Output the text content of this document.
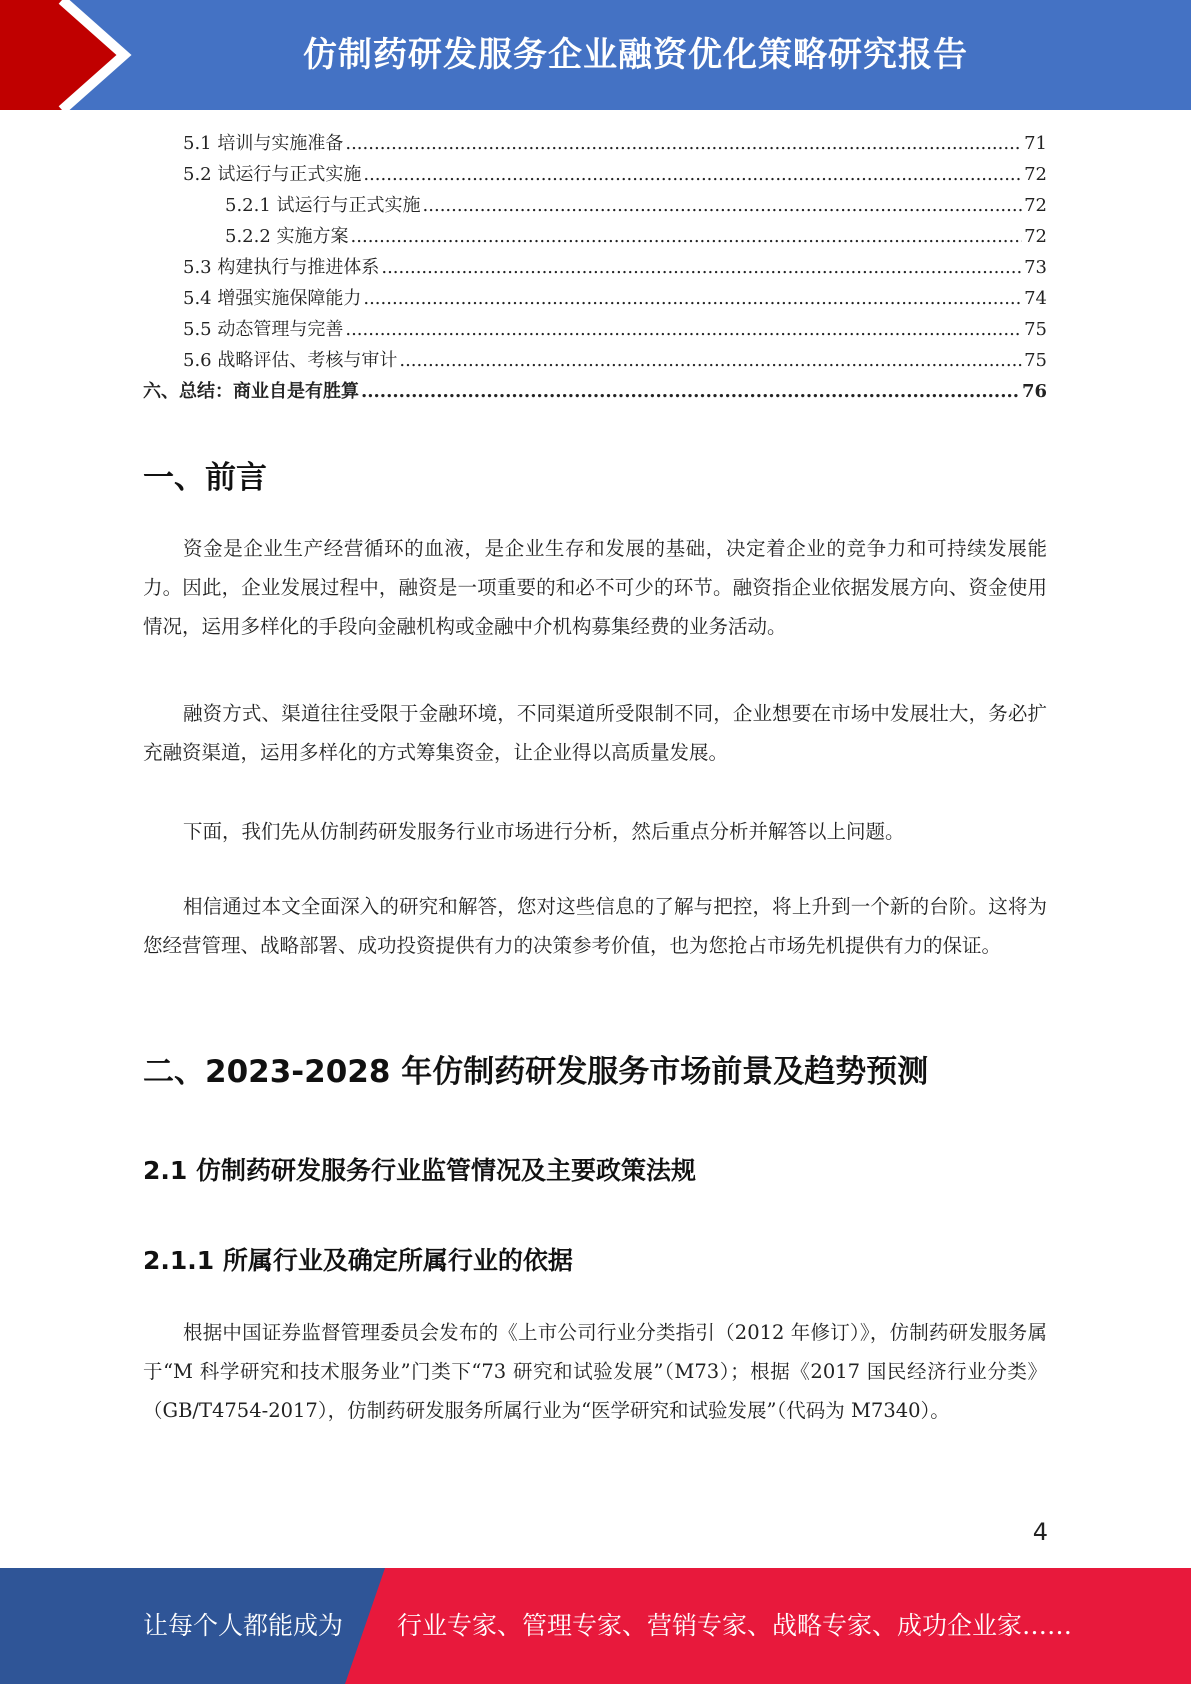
仿制药研发服务企业融资优化策略研究报告
5.1 培训与实施准备 .....	71
5.2 试运行与正式实施 .....	72
5.2.1 试运行与正式实施 .....	72
5.2.2 实施方案 .....	72
5.3 构建执行与推进体系 .....	73
5.4 增强实施保障能力 .....	74
5.5 动态管理与完善 .....	75
5.6 战略评估、考核与审计 .....	75
六、总结：商业自是有胜算 .....	76
一、前言

资金是企业生产经营循环的血液，是企业生存和发展的基础，决定着企业的竞争力和可持续发展能力。因此，企业发展过程中，融资是一项重要的和必不可少的环节。融资指企业依据发展方向、资金使用情况，运用多样化的手段向金融机构或金融中介机构募集经费的业务活动。

融资方式、渠道往往受限于金融环境，不同渠道所受限制不同，企业想要在市场中发展壮大，务必扩充融资渠道，运用多样化的方式筹集资金，让企业得以高质量发展。

下面，我们先从仿制药研发服务行业市场进行分析，然后重点分析并解答以上问题。

相信通过本文全面深入的研究和解答，您对这些信息的了解与把控，将上升到一个新的台阶。这将为您经营管理、战略部署、成功投资提供有力的决策参考价值，也为您抢占市场先机提供有力的保证。

二、2023-2028 年仿制药研发服务市场前景及趋势预测
2.1 仿制药研发服务行业监管情况及主要政策法规
2.1.1 所属行业及确定所属行业的依据

根据中国证券监督管理委员会发布的《上市公司行业分类指引（2012 年修订）》，仿制药研发服务属于“M 科学研究和技术服务业”门类下“73 研究和试验发展”（M73）；根据《2017 国民经济行业分类》（GB/T4754-2017），仿制药研发服务所属行业为“医学研究和试验发展”（代码为 M7340）。

4
让每个人都能成为 行业专家、管理专家、营销专家、战略专家、成功企业家……
